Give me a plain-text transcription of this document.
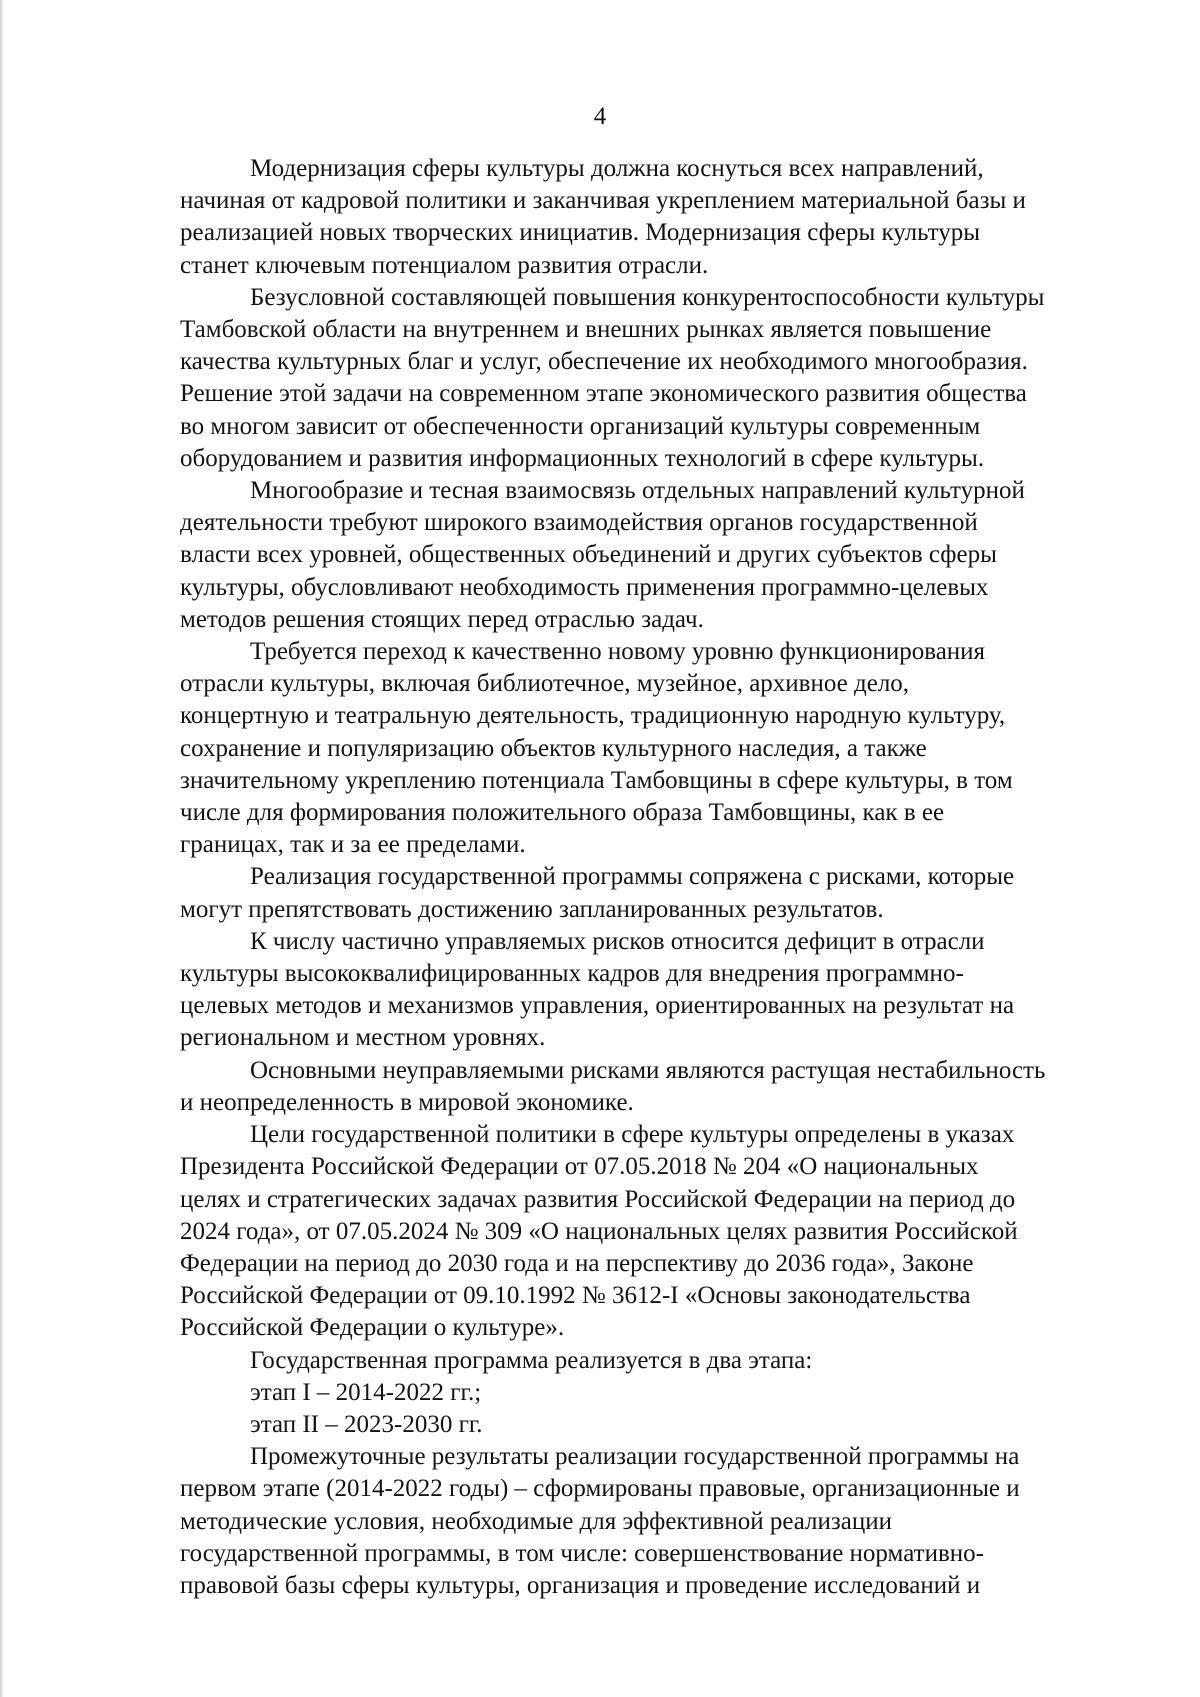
4

Модернизация сферы культуры должна коснуться всех направлений,
начиная от кадровой политики и заканчивая укреплением материальной базы и
реализацией новых творческих инициатив. Модернизация сферы культуры
станет ключевым потенциалом развития отрасли.

Безусловной составляющей повышения конкурентоспособности культуры
Тамбовской области на внутреннем и внешних рынках является повышение
качества культурных благ и услуг, обеспечение их необходимого многообразия.
Решение этой задачи на современном этапе экономического развития общества
во многом зависит от обеспеченности организаций культуры современным
оборудованием и развития информационных технологий в сфере культуры.

Многообразие и тесная взаимосвязь отдельных направлений культурной
деятельности требуют широкого взаимодействия органов государственной
власти всех уровней, общественных объединений и других субъектов сферы
культуры, обусловливают необходимость применения программно-целевых
методов решения стоящих перед отраслью задач.

Требуется переход к качественно новому уровню функционирования
отрасли культуры, включая библиотечное, музейное, архивное дело,
концертную и театральную деятельность, традиционную народную культуру,
сохранение и популяризацию объектов культурного наследия, а также
значительному укреплению потенциала Тамбовщины в сфере культуры, в том
числе для формирования положительного образа Тамбовщины, как в ее
границах, так и за ее пределами.

Реализация государственной программы сопряжена с рисками, которые
могут препятствовать достижению запланированных результатов.

К числу частично управляемых рисков относится дефицит в отрасли
культуры высококвалифицированных кадров для внедрения программно-
целевых методов и механизмов управления, ориентированных на результат на
региональном и местном уровнях.

Основными неуправляемыми рисками являются растущая нестабильность
и неопределенность в мировой экономике.

Цели государственной политики в сфере культуры определены в указах
Президента Российской Федерации от 07.05.2018 № 204 «О национальных
целях и стратегических задачах развития Российской Федерации на период до
2024 года», от 07.05.2024 № 309 «О национальных целях развития Российской
Федерации на период до 2030 года и на перспективу до 2036 года», Законе
Российской Федерации от 09.10.1992 № 3612-I «Основы законодательства
Российской Федерации о культуре».

Государственная программа реализуется в два этапа:

этап I – 2014-2022 гг.;

этап II – 2023-2030 гг.

Промежуточные результаты реализации государственной программы на
первом этапе (2014-2022 годы) – сформированы правовые, организационные и
методические условия, необходимые для эффективной реализации
государственной программы, в том числе: совершенствование нормативно-
правовой базы сферы культуры, организация и проведение исследований и
